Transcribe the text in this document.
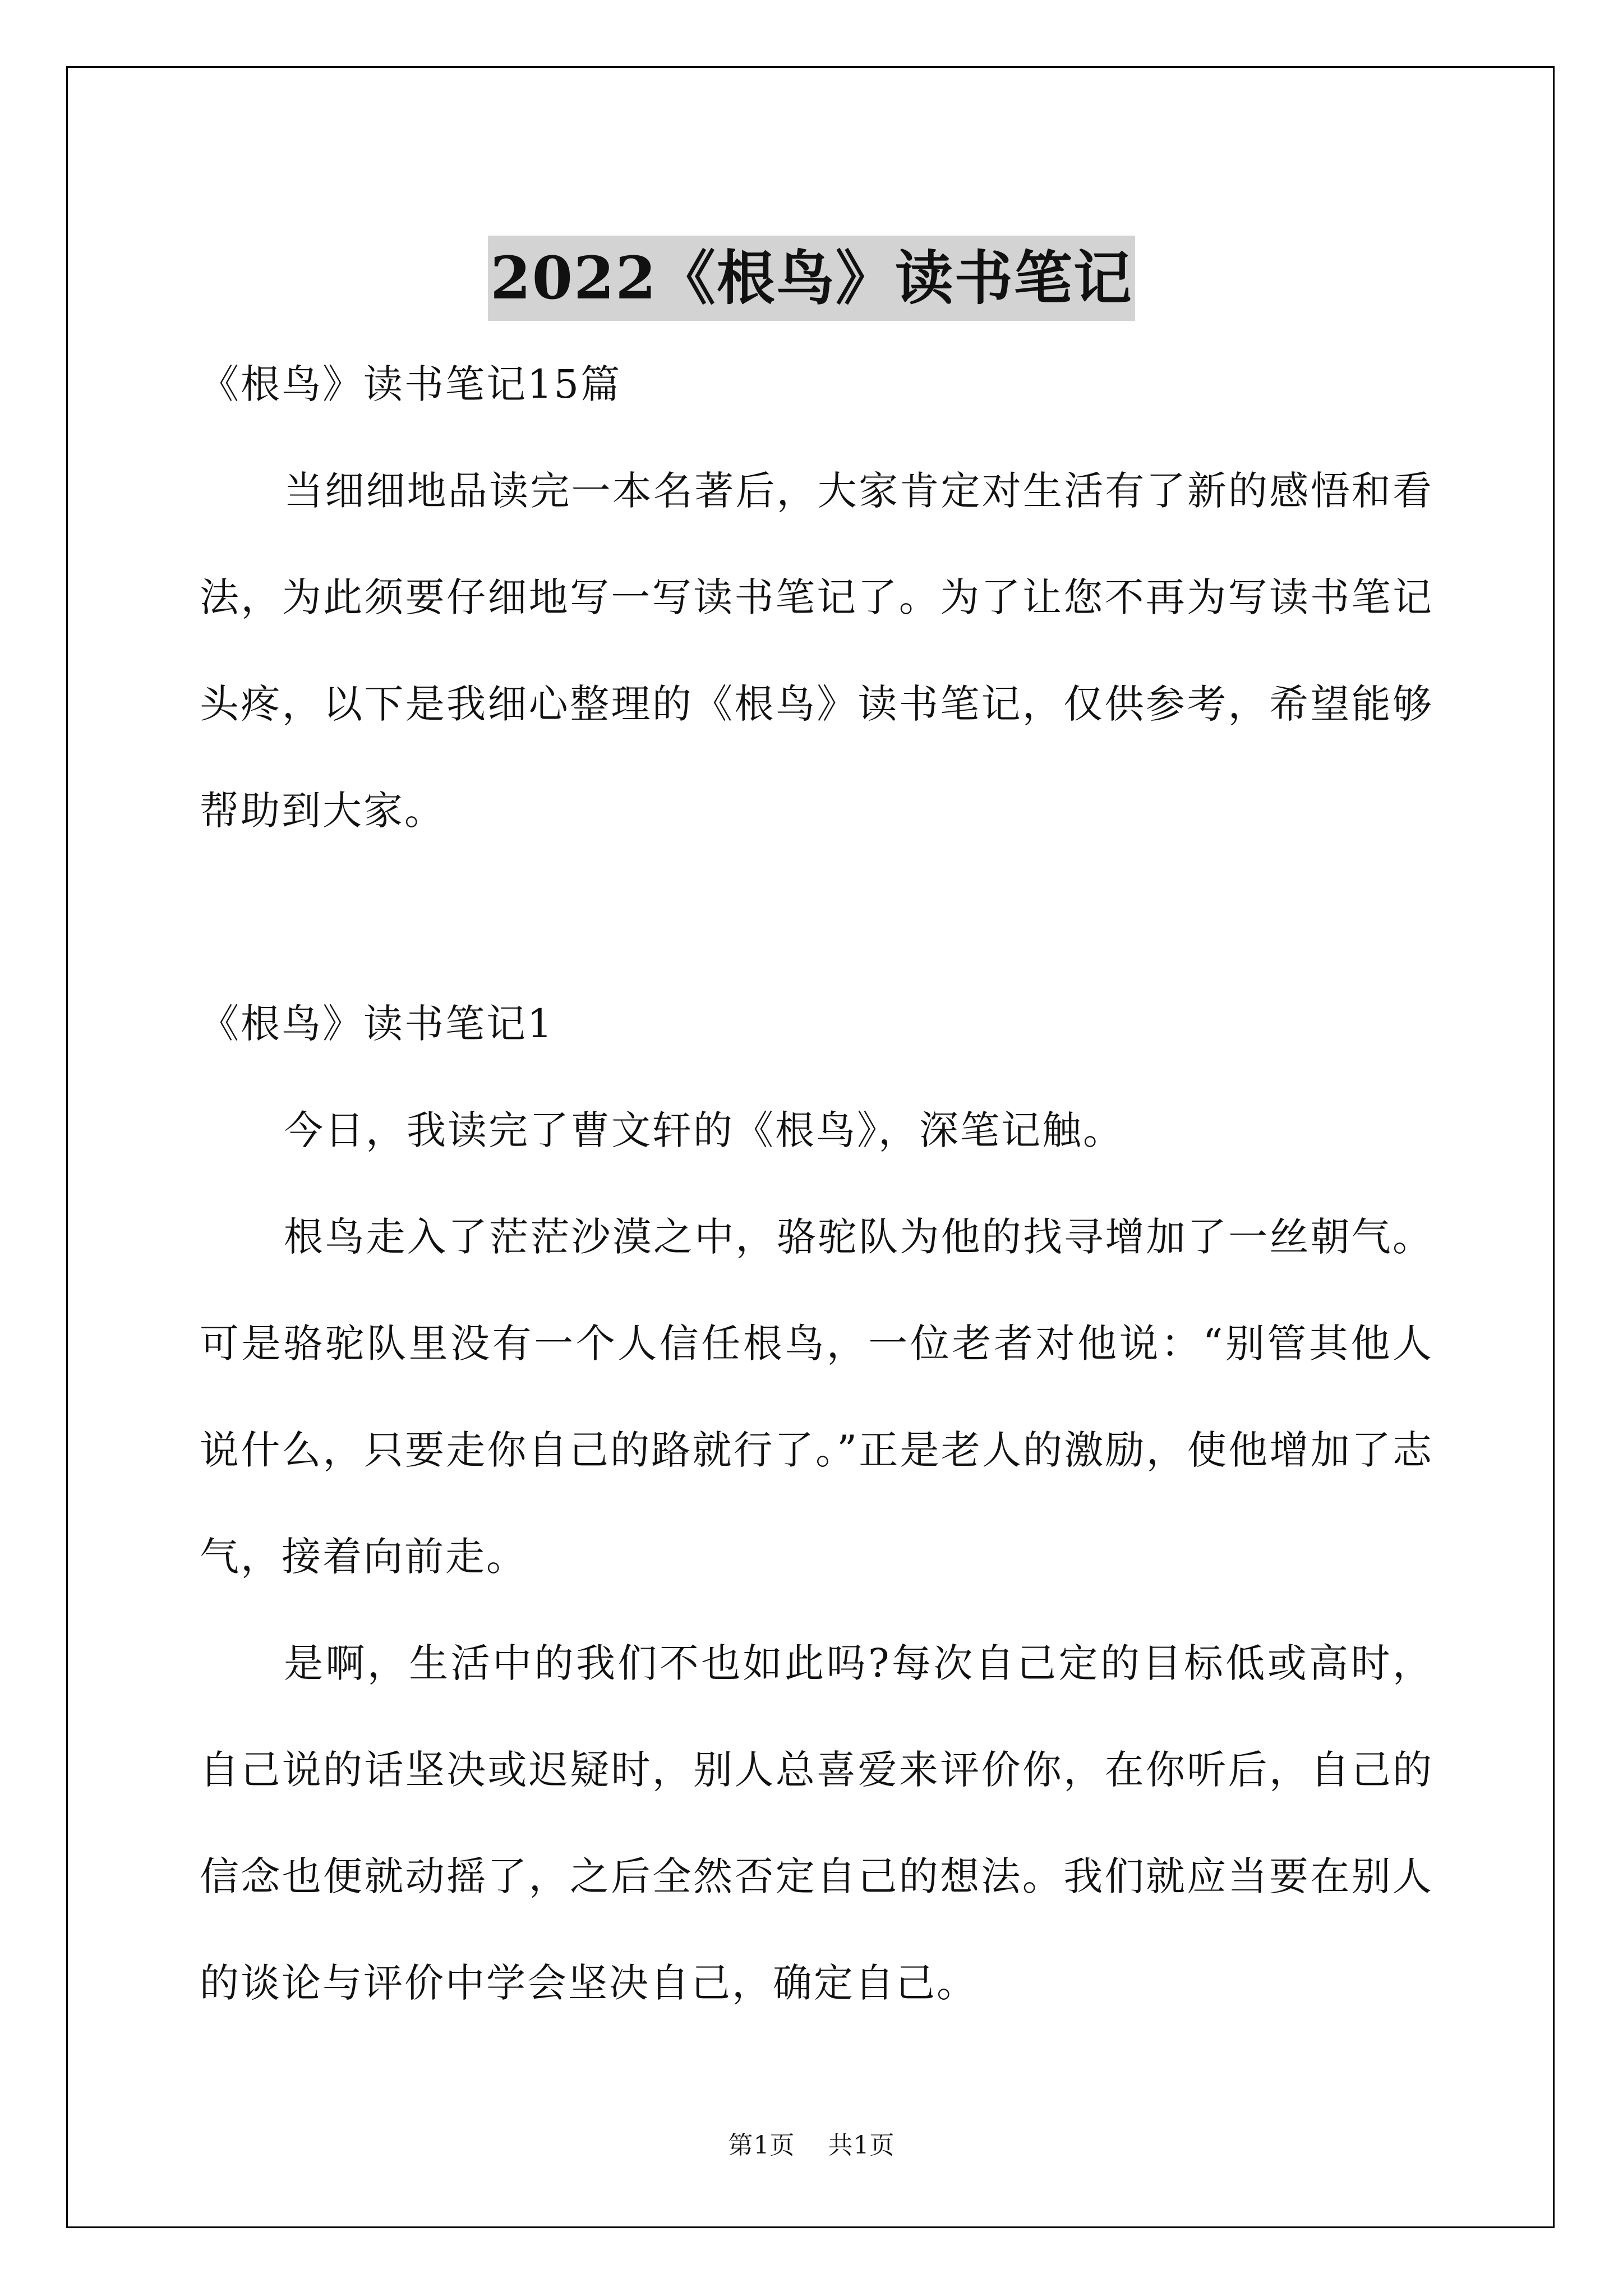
2022《根鸟》读书笔记

《根鸟》读书笔记15篇

当细细地品读完一本名著后，大家肯定对生活有了新的感悟和看法，为此须要仔细地写一写读书笔记了。为了让您不再为写读书笔记头疼，以下是我细心整理的《根鸟》读书笔记，仅供参考，希望能够帮助到大家。

《根鸟》读书笔记1

今日，我读完了曹文轩的《根鸟》，深笔记触。

根鸟走入了茫茫沙漠之中，骆驼队为他的找寻增加了一丝朝气。可是骆驼队里没有一个人信任根鸟，一位老者对他说：“别管其他人说什么，只要走你自己的路就行了。”正是老人的激励，使他增加了志气，接着向前走。

是啊，生活中的我们不也如此吗?每次自己定的目标低或高时，自己说的话坚决或迟疑时，别人总喜爱来评价你，在你听后，自己的信念也便就动摇了，之后全然否定自己的想法。我们就应当要在别人的谈论与评价中学会坚决自己，确定自己。

第1页 共1页
